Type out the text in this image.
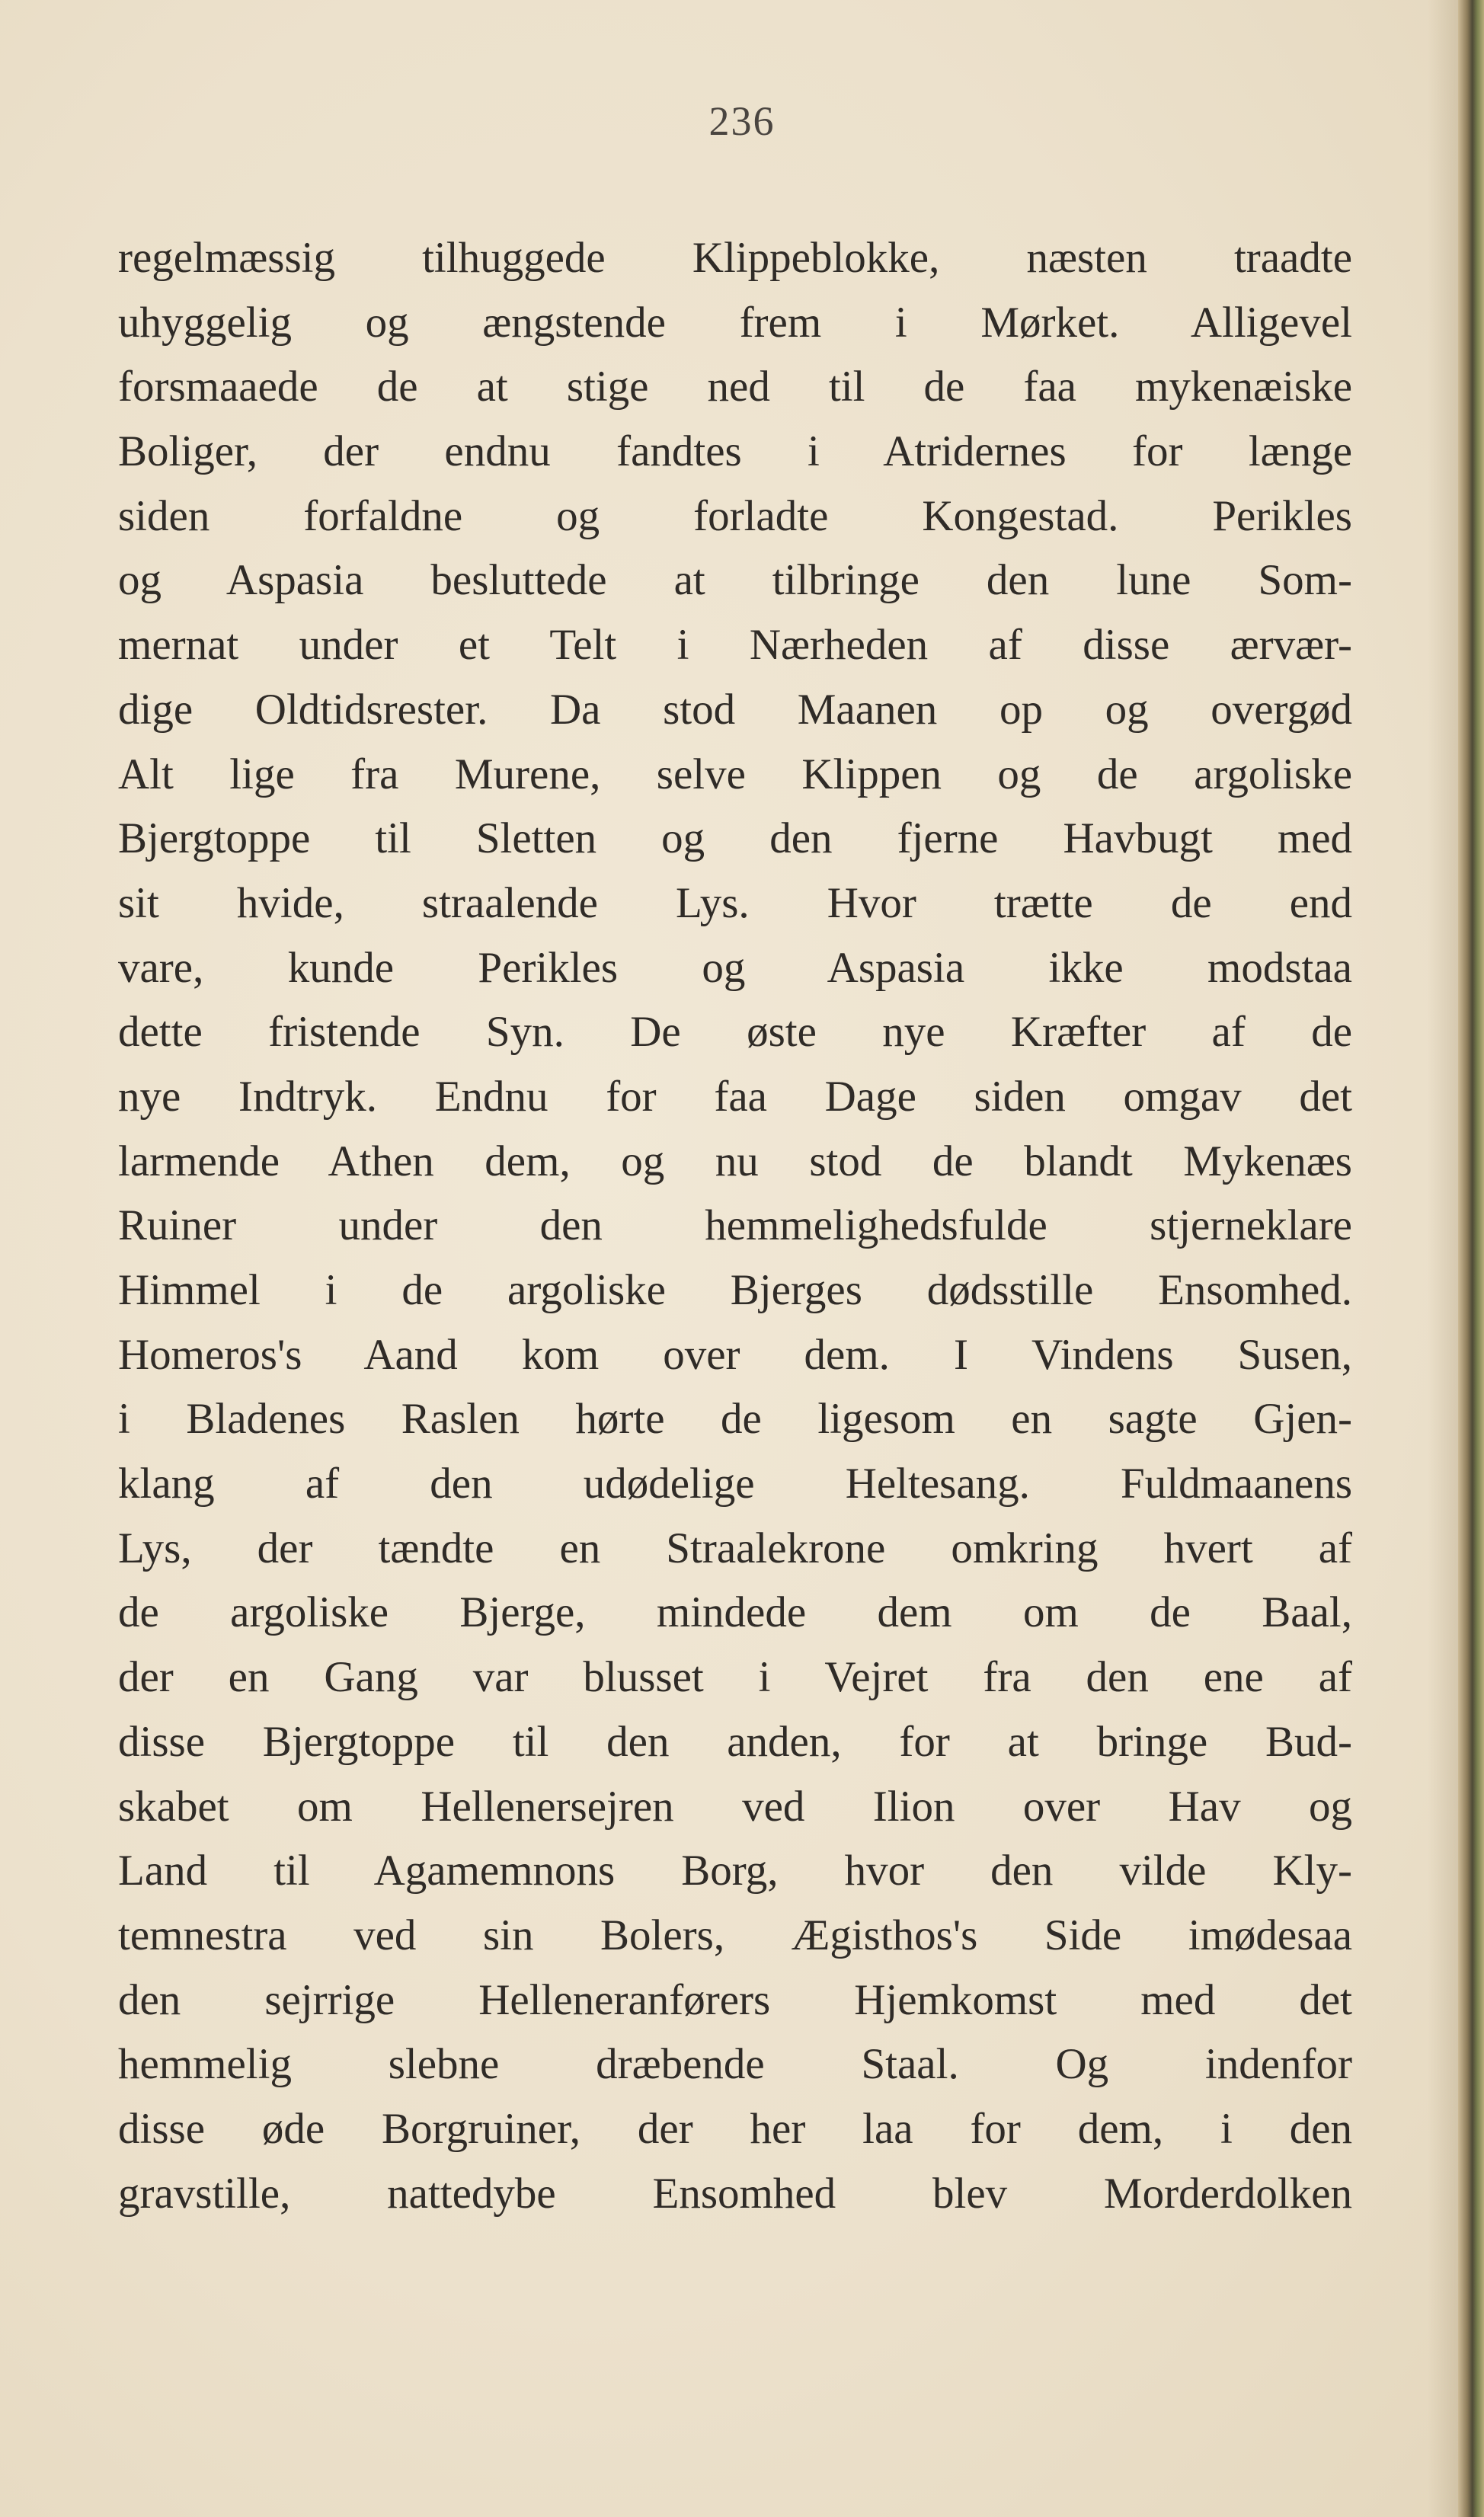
236
regelmæssig tilhuggede Klippeblokke, næsten traadte
uhyggelig og ængstende frem i Mørket. Alligevel
forsmaaede de at stige ned til de faa mykenæiske
Boliger, der endnu fandtes i Atridernes for længe
siden forfaldne og forladte Kongestad. Perikles
og Aspasia besluttede at tilbringe den lune Som-
mernat under et Telt i Nærheden af disse ærvær-
dige Oldtidsrester. Da stod Maanen op og overgød
Alt lige fra Murene, selve Klippen og de argoliske
Bjergtoppe til Sletten og den fjerne Havbugt med
sit hvide, straalende Lys. Hvor trætte de end
vare, kunde Perikles og Aspasia ikke modstaa
dette fristende Syn. De øste nye Kræfter af de
nye Indtryk. Endnu for faa Dage siden omgav det
larmende Athen dem, og nu stod de blandt Mykenæs
Ruiner under den hemmelighedsfulde stjerneklare
Himmel i de argoliske Bjerges dødsstille Ensomhed.
Homeros's Aand kom over dem. I Vindens Susen,
i Bladenes Raslen hørte de ligesom en sagte Gjen-
klang af den udødelige Heltesang. Fuldmaanens
Lys, der tændte en Straalekrone omkring hvert af
de argoliske Bjerge, mindede dem om de Baal,
der en Gang var blusset i Vejret fra den ene af
disse Bjergtoppe til den anden, for at bringe Bud-
skabet om Hellenersejren ved Ilion over Hav og
Land til Agamemnons Borg, hvor den vilde Kly-
temnestra ved sin Bolers, Ægisthos's Side imødesaa
den sejrrige Helleneranførers Hjemkomst med det
hemmelig slebne dræbende Staal. Og indenfor
disse øde Borgruiner, der her laa for dem, i den
gravstille, nattedybe Ensomhed blev Morderdolken
